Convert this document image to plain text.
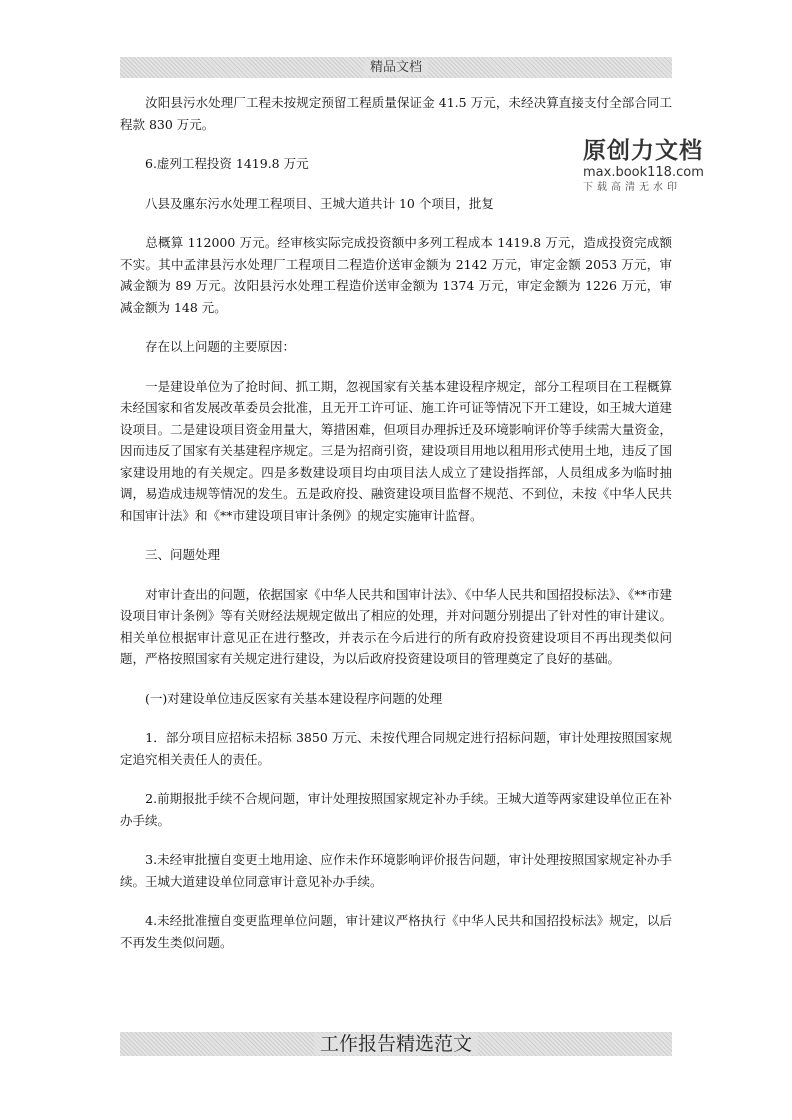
精品文档
原创力文档
max.book118.com
下载高清无水印

　　汝阳县污水处理厂工程未按规定预留工程质量保证金 41.5 万元，未经决算直接支付全部合同工程款 830 万元。

　　6.虚列工程投资 1419.8 万元

　　八县及廛东污水处理工程项目、王城大道共计 10 个项目，批复

　　总概算 112000 万元。经审核实际完成投资额中多列工程成本 1419.8 万元，造成投资完成额不实。其中孟津县污水处理厂工程项目二程造价送审金额为 2142 万元，审定金额 2053 万元，审减金额为 89 万元。汝阳县污水处理工程造价送审金额为 1374 万元，审定金额为 1226 万元，审减金额为 148 元。

　　存在以上问题的主要原因：

　　一是建设单位为了抢时间、抓工期，忽视国家有关基本建设程序规定，部分工程项目在工程概算未经国家和省发展改革委员会批准，且无开工许可证、施工许可证等情况下开工建设，如王城大道建设项目。二是建设项目资金用量大，筹措困难，但项目办理拆迁及环境影响评价等手续需大量资金，因而违反了国家有关基建程序规定。三是为招商引资，建设项目用地以租用形式使用土地，违反了国家建设用地的有关规定。四是多数建设项目均由项目法人成立了建设指挥部，人员组成多为临时抽调，易造成违规等情况的发生。五是政府投、融资建设项目监督不规范、不到位，未按《中华人民共和国审计法》和《**市建设项目审计条例》的规定实施审计监督。

　　三、问题处理

　　对审计查出的问题，依据国家《中华人民共和国审计法》、《中华人民共和国招投标法》、《**市建设项目审计条例》等有关财经法规规定做出了相应的处理，并对问题分别提出了针对性的审计建议。相关单位根据审计意见正在进行整改，并表示在今后进行的所有政府投资建设项目不再出现类似问题，严格按照国家有关规定进行建设，为以后政府投资建设项目的管理奠定了良好的基础。

　　(一)对建设单位违反医家有关基本建设程序问题的处理

　　1．部分项目应招标未招标 3850 万元、未按代理合同规定进行招标问题，审计处理按照国家规定追究相关责任人的责任。

　　2.前期报批手续不合规问题，审计处理按照国家规定补办手续。王城大道等两家建设单位正在补办手续。

　　3.未经审批擅自变更土地用途、应作未作环境影响评价报告问题，审计处理按照国家规定补办手续。王城大道建设单位同意审计意见补办手续。

　　4.未经批准擅自变更监理单位问题，审计建议严格执行《中华人民共和国招投标法》规定，以后不再发生类似问题。

工作报告精选范文
